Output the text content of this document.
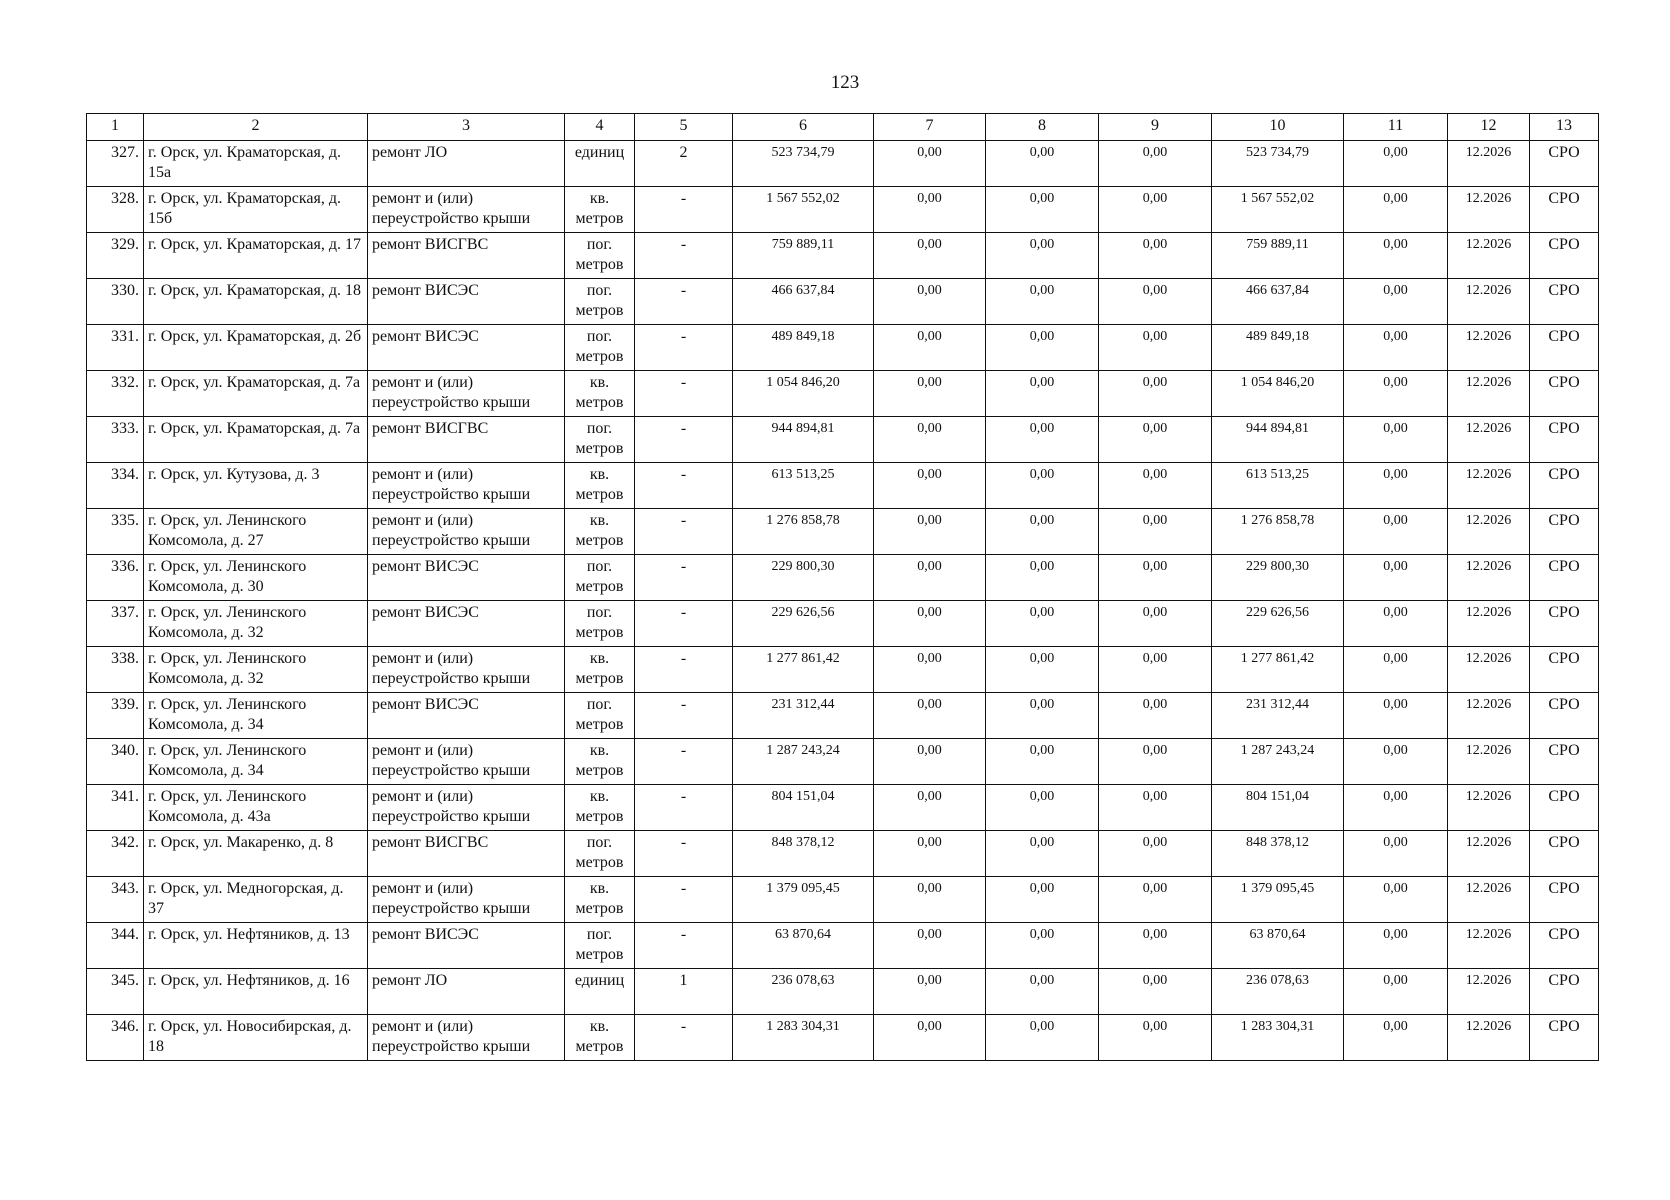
123
1	2	3	4	5	6	7	8	9	10	11	12	13
327.	г. Орск, ул. Краматорская, д. 15а	ремонт ЛО	единиц	2	523 734,79	0,00	0,00	0,00	523 734,79	0,00	12.2026	СРО
328.	г. Орск, ул. Краматорская, д. 15б	ремонт и (или) переустройство крыши	кв. метров	-	1 567 552,02	0,00	0,00	0,00	1 567 552,02	0,00	12.2026	СРО
329.	г. Орск, ул. Краматорская, д. 17	ремонт ВИСГВС	пог. метров	-	759 889,11	0,00	0,00	0,00	759 889,11	0,00	12.2026	СРО
330.	г. Орск, ул. Краматорская, д. 18	ремонт ВИСЭС	пог. метров	-	466 637,84	0,00	0,00	0,00	466 637,84	0,00	12.2026	СРО
331.	г. Орск, ул. Краматорская, д. 2б	ремонт ВИСЭС	пог. метров	-	489 849,18	0,00	0,00	0,00	489 849,18	0,00	12.2026	СРО
332.	г. Орск, ул. Краматорская, д. 7а	ремонт и (или) переустройство крыши	кв. метров	-	1 054 846,20	0,00	0,00	0,00	1 054 846,20	0,00	12.2026	СРО
333.	г. Орск, ул. Краматорская, д. 7а	ремонт ВИСГВС	пог. метров	-	944 894,81	0,00	0,00	0,00	944 894,81	0,00	12.2026	СРО
334.	г. Орск, ул. Кутузова, д. 3	ремонт и (или) переустройство крыши	кв. метров	-	613 513,25	0,00	0,00	0,00	613 513,25	0,00	12.2026	СРО
335.	г. Орск, ул. Ленинского Комсомола, д. 27	ремонт и (или) переустройство крыши	кв. метров	-	1 276 858,78	0,00	0,00	0,00	1 276 858,78	0,00	12.2026	СРО
336.	г. Орск, ул. Ленинского Комсомола, д. 30	ремонт ВИСЭС	пог. метров	-	229 800,30	0,00	0,00	0,00	229 800,30	0,00	12.2026	СРО
337.	г. Орск, ул. Ленинского Комсомола, д. 32	ремонт ВИСЭС	пог. метров	-	229 626,56	0,00	0,00	0,00	229 626,56	0,00	12.2026	СРО
338.	г. Орск, ул. Ленинского Комсомола, д. 32	ремонт и (или) переустройство крыши	кв. метров	-	1 277 861,42	0,00	0,00	0,00	1 277 861,42	0,00	12.2026	СРО
339.	г. Орск, ул. Ленинского Комсомола, д. 34	ремонт ВИСЭС	пог. метров	-	231 312,44	0,00	0,00	0,00	231 312,44	0,00	12.2026	СРО
340.	г. Орск, ул. Ленинского Комсомола, д. 34	ремонт и (или) переустройство крыши	кв. метров	-	1 287 243,24	0,00	0,00	0,00	1 287 243,24	0,00	12.2026	СРО
341.	г. Орск, ул. Ленинского Комсомола, д. 43а	ремонт и (или) переустройство крыши	кв. метров	-	804 151,04	0,00	0,00	0,00	804 151,04	0,00	12.2026	СРО
342.	г. Орск, ул. Макаренко, д. 8	ремонт ВИСГВС	пог. метров	-	848 378,12	0,00	0,00	0,00	848 378,12	0,00	12.2026	СРО
343.	г. Орск, ул. Медногорская, д. 37	ремонт и (или) переустройство крыши	кв. метров	-	1 379 095,45	0,00	0,00	0,00	1 379 095,45	0,00	12.2026	СРО
344.	г. Орск, ул. Нефтяников, д. 13	ремонт ВИСЭС	пог. метров	-	63 870,64	0,00	0,00	0,00	63 870,64	0,00	12.2026	СРО
345.	г. Орск, ул. Нефтяников, д. 16	ремонт ЛО	единиц	1	236 078,63	0,00	0,00	0,00	236 078,63	0,00	12.2026	СРО
346.	г. Орск, ул. Новосибирская, д. 18	ремонт и (или) переустройство крыши	кв. метров	-	1 283 304,31	0,00	0,00	0,00	1 283 304,31	0,00	12.2026	СРО
